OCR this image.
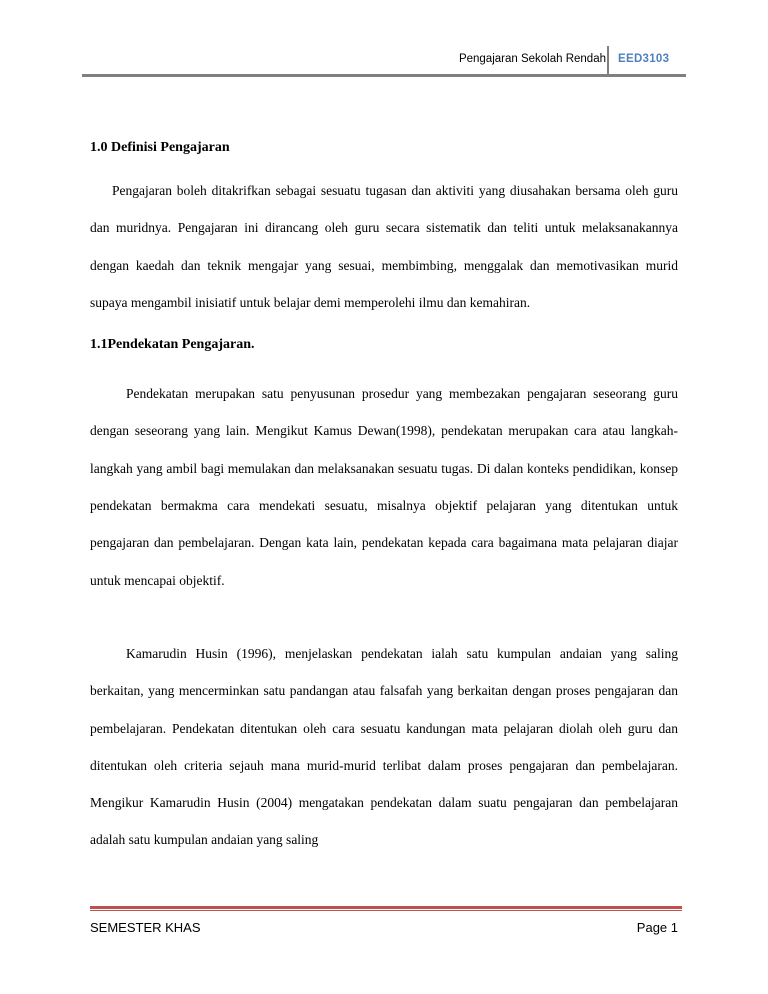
Pengajaran Sekolah Rendah EED3103
1.0 Definisi Pengajaran

Pengajaran boleh ditakrifkan sebagai sesuatu tugasan dan aktiviti yang diusahakan bersama oleh guru dan muridnya. Pengajaran ini dirancang oleh guru secara sistematik dan teliti untuk melaksanakannya dengan kaedah dan teknik mengajar yang sesuai, membimbing, menggalak dan memotivasikan murid supaya mengambil inisiatif untuk belajar demi memperolehi ilmu dan kemahiran.

1.1Pendekatan Pengajaran.

Pendekatan merupakan satu penyusunan prosedur yang membezakan pengajaran seseorang guru dengan seseorang yang lain. Mengikut Kamus Dewan(1998), pendekatan merupakan cara atau langkah-langkah yang ambil bagi memulakan dan melaksanakan sesuatu tugas. Di dalan konteks pendidikan, konsep pendekatan bermakma cara mendekati sesuatu, misalnya objektif pelajaran yang ditentukan untuk pengajaran dan pembelajaran. Dengan kata lain, pendekatan kepada cara bagaimana mata pelajaran diajar untuk mencapai objektif.

Kamarudin Husin (1996), menjelaskan pendekatan ialah satu kumpulan andaian yang saling berkaitan, yang mencerminkan satu pandangan atau falsafah yang berkaitan dengan proses pengajaran dan pembelajaran. Pendekatan ditentukan oleh cara sesuatu kandungan mata pelajaran diolah oleh guru dan ditentukan oleh criteria sejauh mana murid-murid terlibat dalam proses pengajaran dan pembelajaran. Mengikur Kamarudin Husin (2004) mengatakan pendekatan dalam suatu pengajaran dan pembelajaran adalah satu kumpulan andaian yang saling

SEMESTER KHAS	Page 1
